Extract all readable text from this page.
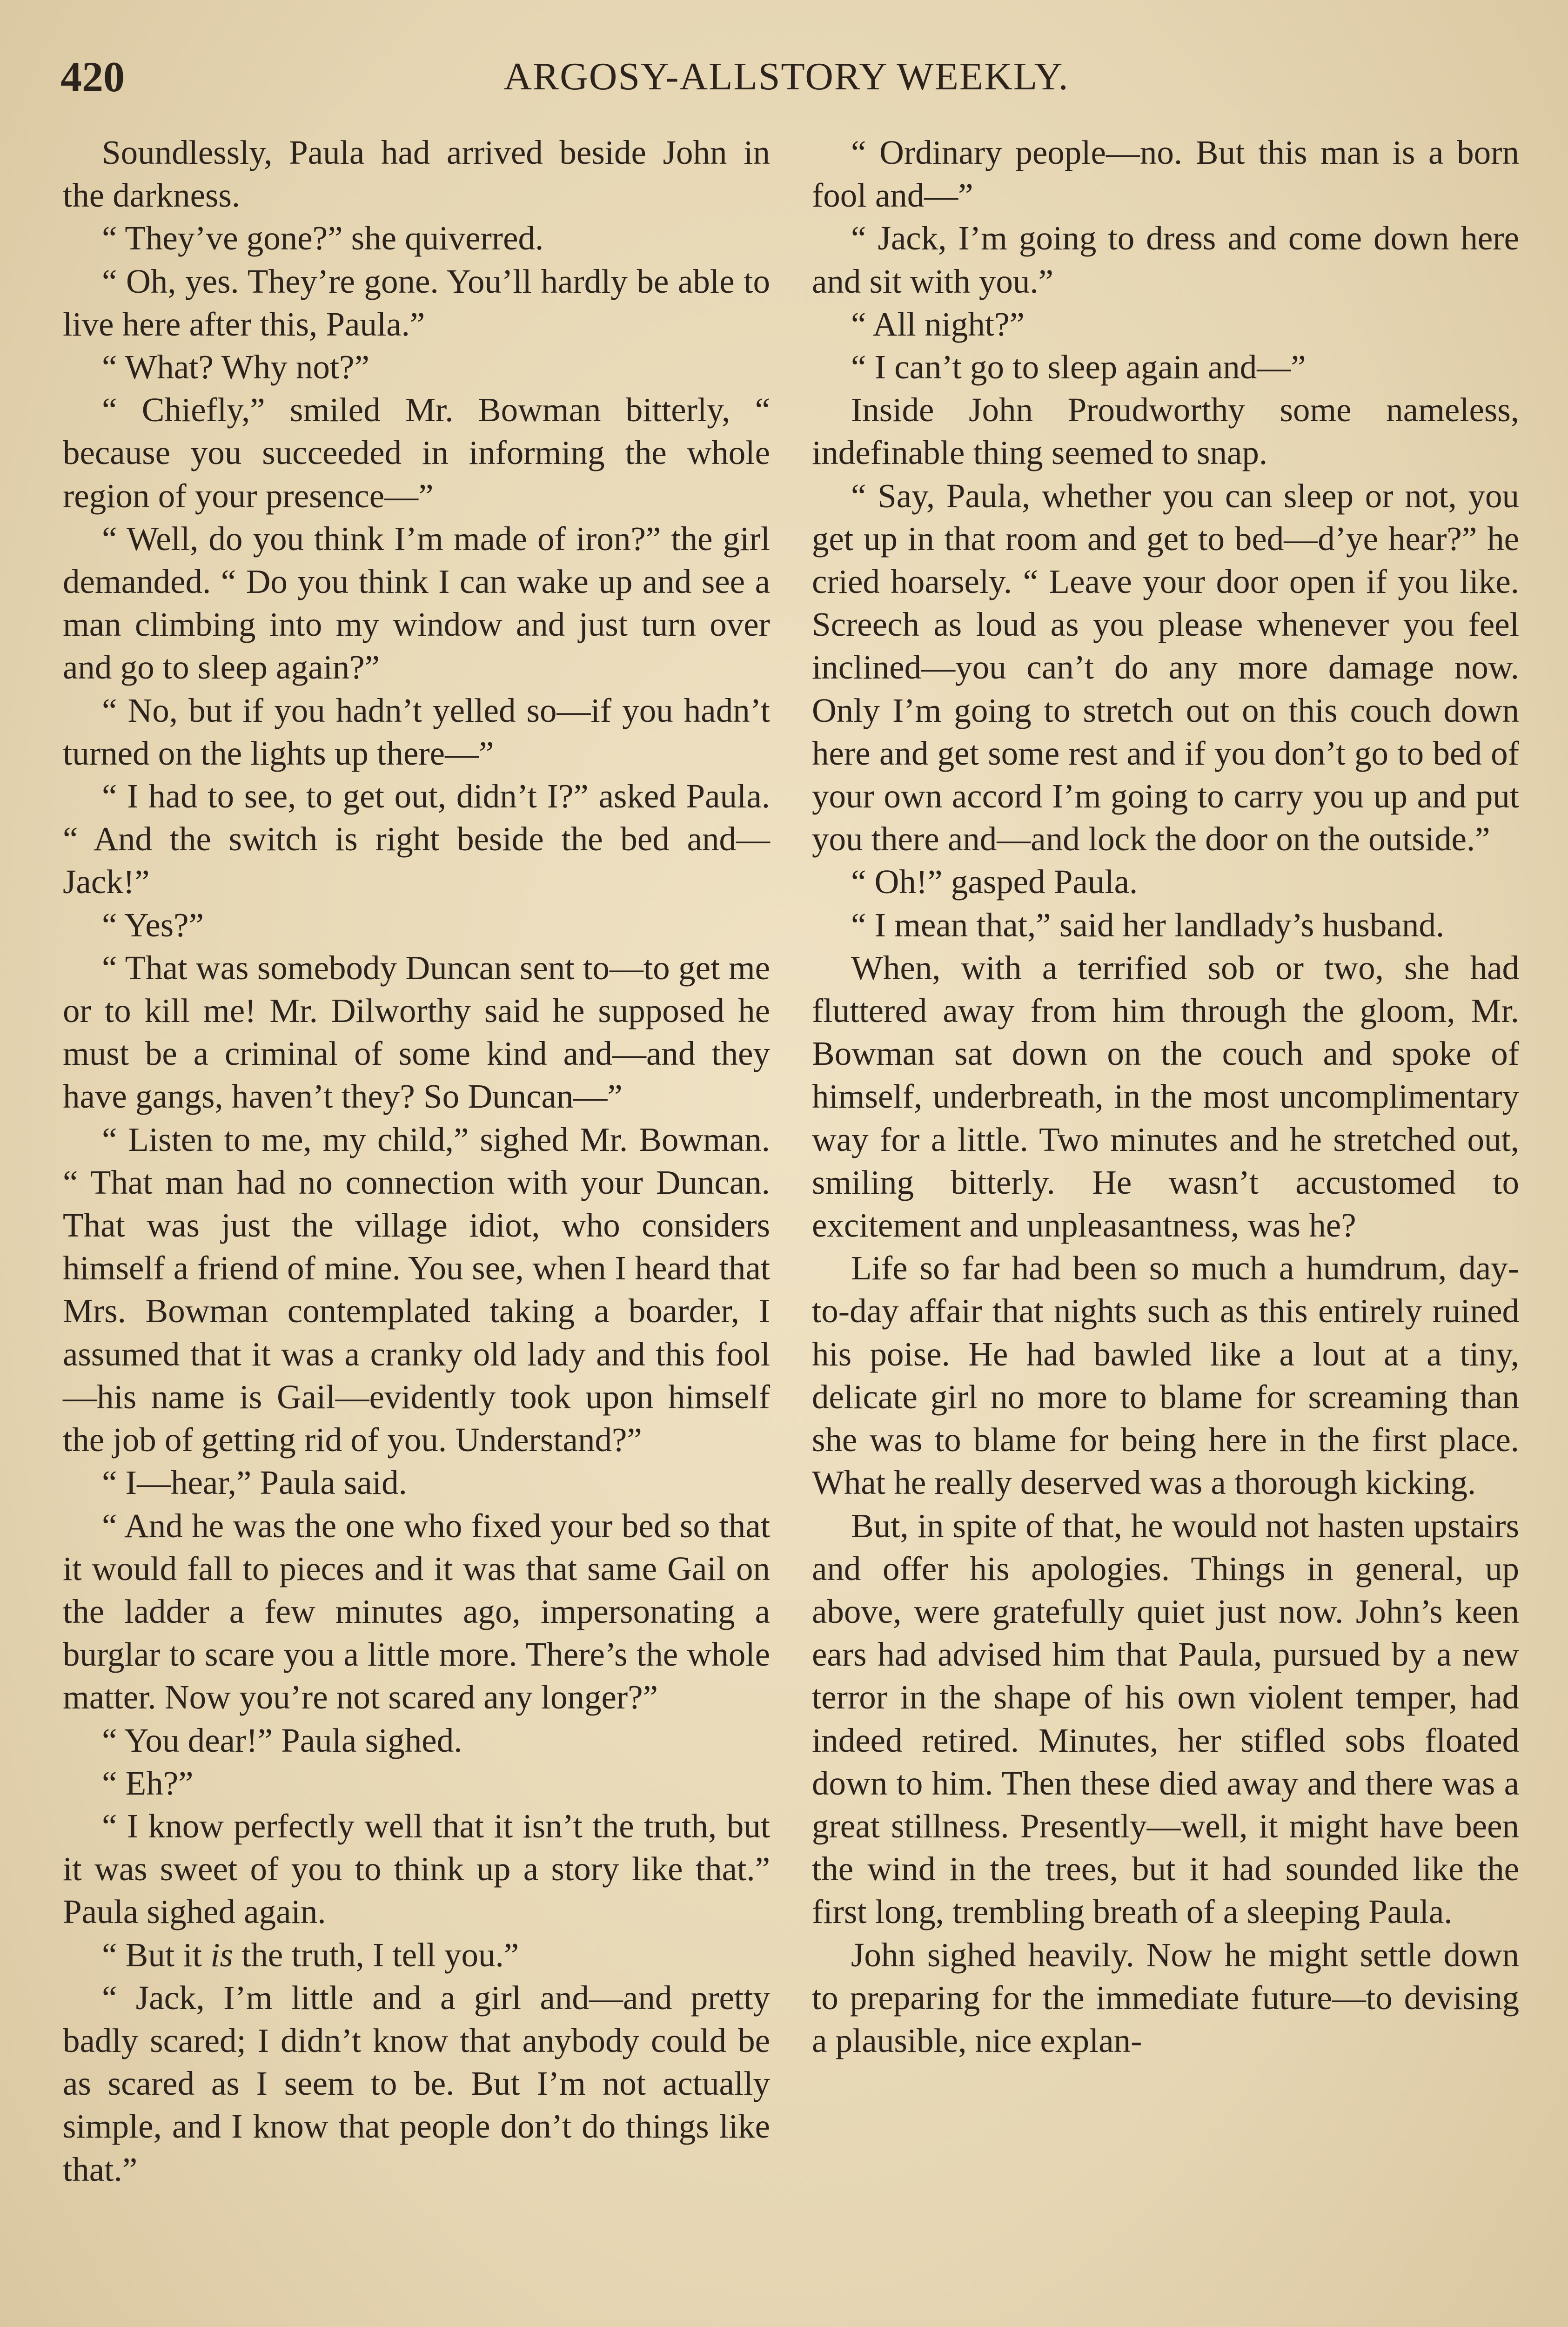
420	ARGOSY-ALLSTORY WEEKLY.

Soundlessly, Paula had arrived beside John in the darkness.

“ They’ve gone?” she quiverred.

“ Oh, yes. They’re gone. You’ll hardly be able to live here after this, Paula.”

“ What? Why not?”

“ Chiefly,” smiled Mr. Bowman bitterly, “ because you succeeded in informing the whole region of your presence—”

“ Well, do you think I’m made of iron?” the girl demanded. “ Do you think I can wake up and see a man climbing into my window and just turn over and go to sleep again?”

“ No, but if you hadn’t yelled so—if you hadn’t turned on the lights up there—”

“ I had to see, to get out, didn’t I?” asked Paula. “ And the switch is right beside the bed and—Jack!”

“ Yes?”

“ That was somebody Duncan sent to—to get me or to kill me! Mr. Dilworthy said he supposed he must be a criminal of some kind and—and they have gangs, haven’t they? So Duncan—”

“ Listen to me, my child,” sighed Mr. Bowman. “ That man had no connection with your Duncan. That was just the village idiot, who considers himself a friend of mine. You see, when I heard that Mrs. Bowman contemplated taking a boarder, I assumed that it was a cranky old lady and this fool—his name is Gail—evidently took upon himself the job of getting rid of you. Understand?”

“ I—hear,” Paula said.

“ And he was the one who fixed your bed so that it would fall to pieces and it was that same Gail on the ladder a few minutes ago, impersonating a burglar to scare you a little more. There’s the whole matter. Now you’re not scared any longer?”

“ You dear!” Paula sighed.

“ Eh?”

“ I know perfectly well that it isn’t the truth, but it was sweet of you to think up a story like that.” Paula sighed again.

“ But it is the truth, I tell you.”

“ Jack, I’m little and a girl and—and pretty badly scared; I didn’t know that anybody could be as scared as I seem to be. But I’m not actually simple, and I know that people don’t do things like that.”

“ Ordinary people—no. But this man is a born fool and—”

“ Jack, I’m going to dress and come down here and sit with you.”

“ All night?”

“ I can’t go to sleep again and—”

Inside John Proudworthy some nameless, indefinable thing seemed to snap.

“ Say, Paula, whether you can sleep or not, you get up in that room and get to bed—d’ye hear?” he cried hoarsely. “ Leave your door open if you like. Screech as loud as you please whenever you feel inclined—you can’t do any more damage now. Only I’m going to stretch out on this couch down here and get some rest and if you don’t go to bed of your own accord I’m going to carry you up and put you there and—and lock the door on the outside.”

“ Oh!” gasped Paula.

“ I mean that,” said her landlady’s husband.

When, with a terrified sob or two, she had fluttered away from him through the gloom, Mr. Bowman sat down on the couch and spoke of himself, underbreath, in the most uncomplimentary way for a little. Two minutes and he stretched out, smiling bitterly. He wasn’t accustomed to excitement and unpleasantness, was he?

Life so far had been so much a humdrum, day-to-day affair that nights such as this entirely ruined his poise. He had bawled like a lout at a tiny, delicate girl no more to blame for screaming than she was to blame for being here in the first place. What he really deserved was a thorough kicking.

But, in spite of that, he would not hasten upstairs and offer his apologies. Things in general, up above, were gratefully quiet just now. John’s keen ears had advised him that Paula, pursued by a new terror in the shape of his own violent temper, had indeed retired. Minutes, her stifled sobs floated down to him. Then these died away and there was a great stillness. Presently—well, it might have been the wind in the trees, but it had sounded like the first long, trembling breath of a sleeping Paula.

John sighed heavily. Now he might settle down to preparing for the immediate future—to devising a plausible, nice explan-
